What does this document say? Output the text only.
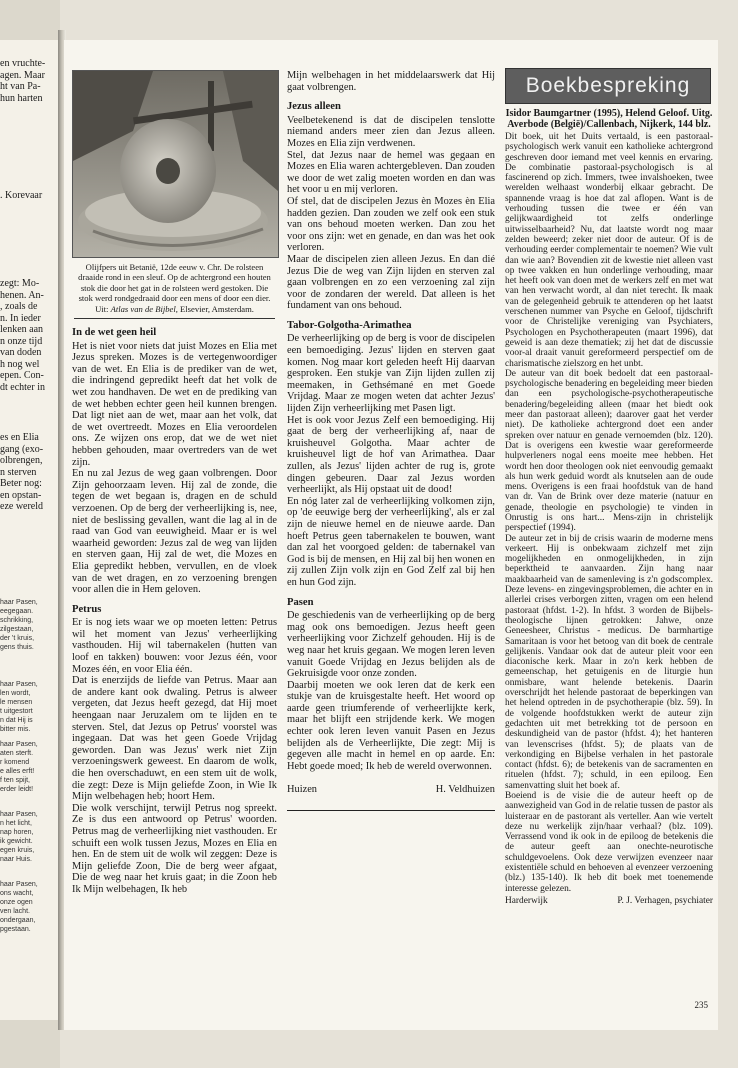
en vruchte-
agen. Maar
ht van Pa-
hun harten
. Korevaar
zegt: Mo-
henen. An-
, zoals de
n. In ieder
lenken aan
n onze tijd
van doden
h nog wel
epen. Con-
dt echter in
es en Elia
gang (exo-
olbrengen,
n sterven
Beter nog:
en opstan-
eze wereld
haar Pasen,
eegegaan.
schrikking,
zilgestaan,
der 't kruis,
gens thuis.
haar Pasen,
len wordt,
le mensen
t uitgestort
n dat Hij is
bitter mis.
haar Pasen,
aten sterft.
r komend
e alles erft!
f ten spijt,
erder leidt!
haar Pasen,
n het licht,
nap horen,
ik gewicht.
egen kruis,
naar Huis.
haar Pasen,
ons wacht,
onze ogen
ven lacht.
ondergaan,
pgestaan.
Olijfpers uit Betanië, 12de eeuw v. Chr. De rolsteen draaide rond in een sleuf. Op de achtergrond een houten stok die door het gat in de rolsteen werd gestoken. Die stok werd rondgedraaid door een mens of door een dier. Uit: Atlas van de Bijbel, Elsevier, Amsterdam.
In de wet geen heil

Het is niet voor niets dat juist Mozes en Elia met Jezus spreken. Mozes is de vertegenwoordiger van de wet. En Elia is de prediker van de wet, die indringend gepredikt heeft dat het volk de wet zou handhaven. De wet en de prediking van de wet hebben echter geen heil kunnen brengen. Dat ligt niet aan de wet, maar aan het volk, dat de wet overtreedt. Mozes en Elia veroordelen ons. Ze wijzen ons erop, dat we de wet niet hebben gehouden, maar overtreders van de wet zijn.

En nu zal Jezus de weg gaan volbrengen. Door Zijn gehoorzaam leven. Hij zal de zonde, die tegen de wet begaan is, dragen en de schuld verzoenen. Op de berg der verheerlijking is, nee, niet de beslissing gevallen, want die lag al in de raad van God van eeuwigheid. Maar er is wel waarheid geworden: Jezus zal de weg van lijden en sterven gaan, Hij zal de wet, die Mozes en Elia gepredikt hebben, vervullen, en de vloek van de wet dragen, en zo verzoening brengen voor allen die in Hem geloven.

Petrus

Er is nog iets waar we op moeten letten: Petrus wil het moment van Jezus' verheerlijking vasthouden. Hij wil tabernakelen (hutten van loof en takken) bouwen: voor Jezus één, voor Mozes één, en voor Elia één.

Dat is enerzijds de liefde van Petrus. Maar aan de andere kant ook dwaling. Petrus is alweer vergeten, dat Jezus heeft gezegd, dat Hij moet heengaan naar Jeruzalem om te lijden en te sterven. Stel, dat Jezus op Petrus' voorstel was ingegaan. Dat was het geen Goede Vrijdag geworden. Dan was Jezus' werk niet Zijn verzoeningswerk geweest. En daarom de wolk, die hen overschaduwt, en een stem uit de wolk, die zegt: Deze is Mijn geliefde Zoon, in Wie Ik Mijn welbehagen heb; hoort Hem.

Die wolk verschijnt, terwijl Petrus nog spreekt. Ze is dus een antwoord op Petrus' woorden. Petrus mag de verheerlijking niet vasthouden. Er schuift een wolk tussen Jezus, Mozes en Elia en hen. En de stem uit de wolk wil zeggen: Deze is Mijn geliefde Zoon, Die de berg weer afgaat, Die de weg naar het kruis gaat; in die Zoon heb Ik Mijn welbehagen, Ik heb

Mijn welbehagen in het middelaarswerk dat Hij gaat volbrengen.

Jezus alleen

Veelbetekenend is dat de discipelen tenslotte niemand anders meer zien dan Jezus alleen. Mozes en Elia zijn verdwenen.

Stel, dat Jezus naar de hemel was gegaan en Mozes en Elia waren achtergebleven. Dan zouden we door de wet zalig moeten worden en dan was het voor u en mij verloren.

Of stel, dat de discipelen Jezus èn Mozes èn Elia hadden gezien. Dan zouden we zelf ook een stuk van ons behoud moeten werken. Dan zou het voor ons zijn: wet en genade, en dan was het ook verloren.

Maar de discipelen zien alleen Jezus. En dan dié Jezus Die de weg van Zijn lijden en sterven zal gaan volbrengen en zo een verzoening zal zijn voor de zondaren der wereld. Dat alleen is het fundament van ons behoud.

Tabor-Golgotha-Arimathea

De verheerlijking op de berg is voor de discipelen een bemoediging. Jezus' lijden en sterven gaat komen. Nog maar kort geleden heeft Hij daarvan gesproken. Een stukje van Zijn lijden zullen zij meemaken, in Gethsémané en met Goede Vrijdag. Maar ze mogen weten dat achter Jezus' lijden Zijn verheerlijking met Pasen ligt.

Het is ook voor Jezus Zelf een bemoediging. Hij gaat de berg der verheerlijking af, naar de kruisheuvel Golgotha. Maar achter de kruisheuvel ligt de hof van Arimathea. Daar zullen, als Jezus' lijden achter de rug is, grote dingen gebeuren. Daar zal Jezus worden verheerlijkt, als Hij opstaat uit de dood!

En nóg later zal de verheerlijking volkomen zijn, op 'de eeuwige berg der verheerlijking', als er zal zijn de nieuwe hemel en de nieuwe aarde. Dan hoeft Petrus geen tabernakelen te bouwen, want dan zal het voorgoed gelden: de tabernakel van God is bij de mensen, en Hij zal bij hen wonen en zij zullen Zijn volk zijn en God Zelf zal bij hen en hun God zijn.

Pasen

De geschiedenis van de verheerlijking op de berg mag ook ons bemoedigen. Jezus heeft geen verheerlijking voor Zichzelf gehouden. Hij is de weg naar het kruis gegaan. We mogen leren leven vanuit Goede Vrijdag en Jezus belijden als de Gekruisigde voor onze zonden.

Daarbij moeten we ook leren dat de kerk een stukje van de kruisgestalte heeft. Het woord op aarde geen triumferende of verheerlijkte kerk, maar het blijft een strijdende kerk. We mogen echter ook leren leven vanuit Pasen en Jezus belijden als de Verheerlijkte, Die zegt: Mij is gegeven alle macht in hemel en op aarde. En: Hebt goede moed; Ik heb de wereld overwonnen.

Huizen	H. Veldhuizen
Boekbespreking
Isidor Baumgartner (1995), Helend Geloof. Uitg. Averbode (België)/Callenbach, Nijkerk, 144 blz.

Dit boek, uit het Duits vertaald, is een pastoraal-psychologisch werk vanuit een katholieke achtergrond geschreven door iemand met veel kennis en ervaring. De combinatie pastoraal-psychologisch is al fascinerend op zich. Immers, twee invalshoeken, twee werelden welhaast wonderbij elkaar gebracht. De spannende vraag is hoe dat zal aflopen. Want is de verhouding tussen die twee er één van gelijkwaardigheid tot zelfs onderlinge uitwisselbaarheid? Nu, dat laatste wordt nog maar zelden beweerd; zeker niet door de auteur. Of is de verhouding eerder complementair te noemen? Wie vult dan wie aan? Bovendien zit de kwestie niet alleen vast op twee vakken en hun onderlinge verhouding, maar het heeft ook van doen met de werkers zelf en met wat van hen verwacht wordt, al dan niet terecht. Ik maak van de gelegenheid gebruik te attenderen op het laatst verschenen nummer van Psyche en Geloof, tijdschrift voor de Christelijke vereniging van Psychiaters, Psychologen en Psychotherapeuten (maart 1996), dat geweid is aan deze thematiek; zij het dat de discussie voor-al draait vanuit gereformeerd perspectief om de charismatische zielszorg en het unbt.

De auteur van dit boek bedoelt dat een pastoraal-psychologische benadering en begeleiding meer bieden dan een psychologische-psychotherapeutische benadering/begeleiding alleen (maar het biedt ook meer dan pastoraat alleen); daarover gaat het verder niet). De katholieke achtergrond doet een ander spreken over natuur en genade vernoemden (blz. 120). Dat is overigens een kwestie waar gereformeerde hulpverleners nogal eens moeite mee hebben. Het wordt hen door theologen ook niet eenvoudig gemaakt als hun werk geduid wordt als knutselen aan de oude mens. Overigens is een fraai hoofdstuk van de hand van dr. Van de Brink over deze materie (natuur en genade, theologie en psychologie) te vinden in Onrustig is ons hart... Mens-zijn in christelijk perspectief (1994).

De auteur zet in bij de crisis waarin de moderne mens verkeert. Hij is onbekwaam zichzelf met zijn mogelijkheden en onmogelijkheden, in zijn beperktheid te aanvaarden. Zijn hang naar maakbaarheid van de samenleving is z'n godscomplex. Deze levens- en zingevingsproblemen, die achter en in allerlei crises verborgen zitten, vragen om een helend pastoraat (hfdst. 1-2). In hfdst. 3 worden de Bijbels-theologische lijnen getrokken: Jahwe, onze Geneesheer, Christus - medicus. De barmhartige Samaritaan is voor het betoog van dit boek de centrale gelijkenis. Vandaar ook dat de auteur pleit voor een diaconische kerk. Maar in zo'n kerk hebben de gemeenschap, het getuigenis en de liturgie hun onmisbare, want helende betekenis. Daarin overschrijdt het helende pastoraat de beperkingen van het helend optreden in de psychotherapie (blz. 59). In de volgende hoofdstukken werkt de auteur zijn gedachten uit met betrekking tot de persoon en deskundigheid van de pastor (hfdst. 4); het hanteren van levenscrises (hfdst. 5); de plaats van de verkondiging en Bijbelse verhalen in het pastorale contact (hfdst. 6); de betekenis van de sacramenten en rituelen (hfdst. 7); schuld, in een epiloog. Een samenvatting sluit het boek af.

Boeiend is de visie die de auteur heeft op de aanwezigheid van God in de relatie tussen de pastor als luisteraar en de pastorant als verteller. Aan wie vertelt deze nu werkelijk zijn/haar verhaal? (blz. 109). Verrassend vond ik ook in de epiloog de betekenis die de auteur geeft aan onechte-neurotische schuldgevoelens. Ook deze verwijzen evenzeer naar existentiële schuld en behoeven al evenzeer verzoening (blz.) 135-140). Ik heb dit boek met toenemende interesse gelezen.

Harderwijk	P. J. Verhagen, psychiater
235
